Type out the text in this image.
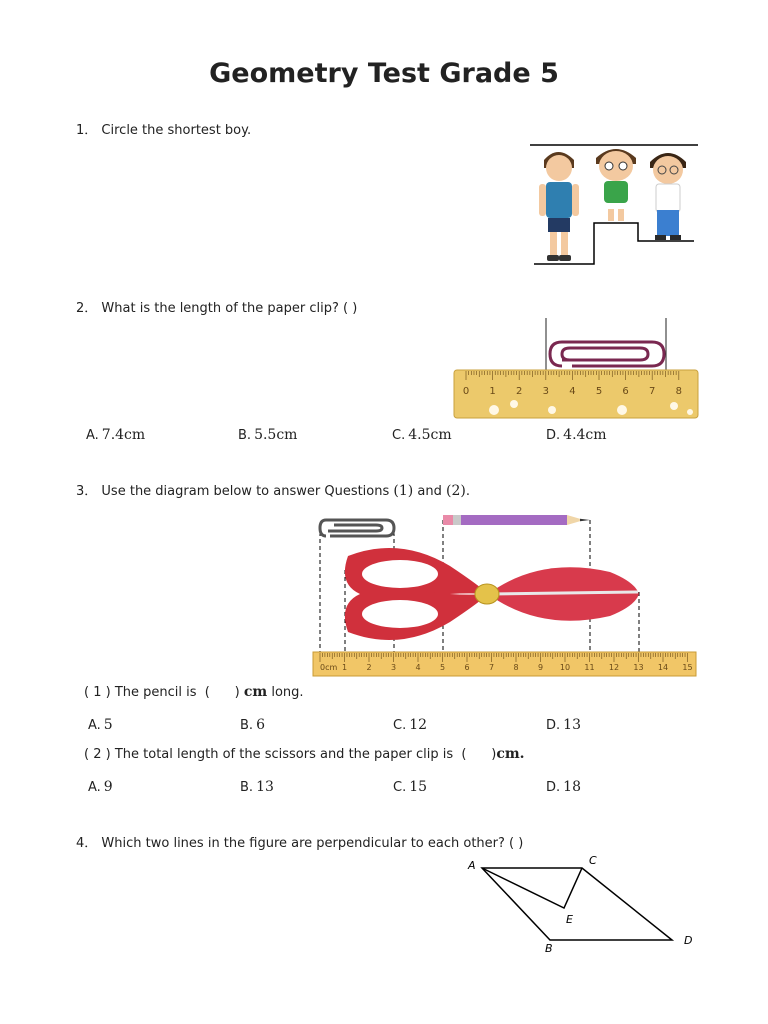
Geometry Test Grade 5
1． Circle the shortest boy.
2． What is the length of the paper clip? ( )
0 1 2 3 4 5 6 7 8
A. 7.4cm	B. 5.5cm	C. 4.5cm	D. 4.4cm
3． Use the diagram below to answer Questions (1) and (2).
0cm 1 2 3 4 5 6 7 8 9 10 11 12 13 14 15
( 1 ) The pencil is  (      ) cm long.
A. 5	B. 6	C. 12	D. 13
( 2 ) The total length of the scissors and the paper clip is  (      )cm.
A. 9	B. 13	C. 15	D. 18
4． Which two lines in the figure are perpendicular to each other? ( )
A
B
C
D
E
